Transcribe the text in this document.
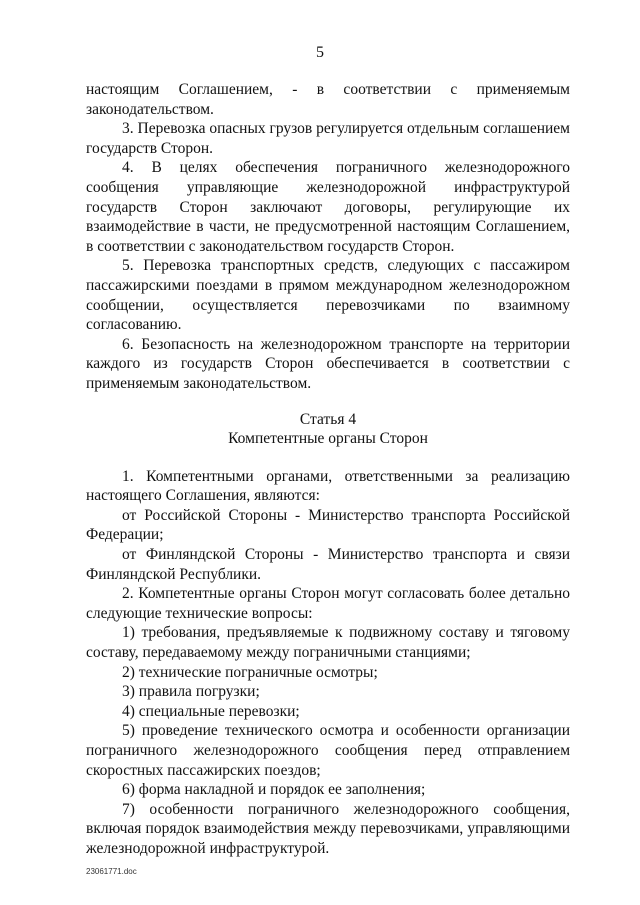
5

настоящим Соглашением, - в соответствии с применяемым законодательством.

3. Перевозка опасных грузов регулируется отдельным соглашением государств Сторон.

4. В целях обеспечения пограничного железнодорожного сообщения управляющие железнодорожной инфраструктурой государств Сторон заключают договоры, регулирующие их взаимодействие в части, не предусмотренной настоящим Соглашением, в соответствии с законодательством государств Сторон.

5. Перевозка транспортных средств, следующих с пассажиром пассажирскими поездами в прямом международном железнодорожном сообщении, осуществляется перевозчиками по взаимному согласованию.

6. Безопасность на железнодорожном транспорте на территории каждого из государств Сторон обеспечивается в соответствии с применяемым законодательством.

Статья 4
Компетентные органы Сторон

1. Компетентными органами, ответственными за реализацию настоящего Соглашения, являются:

от Российской Стороны - Министерство транспорта Российской Федерации;

от Финляндской Стороны - Министерство транспорта и связи Финляндской Республики.

2. Компетентные органы Сторон могут согласовать более детально следующие технические вопросы:

1) требования, предъявляемые к подвижному составу и тяговому составу, передаваемому между пограничными станциями;

2) технические пограничные осмотры;

3) правила погрузки;

4) специальные перевозки;

5) проведение технического осмотра и особенности организации пограничного железнодорожного сообщения перед отправлением скоростных пассажирских поездов;

6) форма накладной и порядок ее заполнения;

7) особенности пограничного железнодорожного сообщения, включая порядок взаимодействия между перевозчиками, управляющими железнодорожной инфраструктурой.

23061771.doc
